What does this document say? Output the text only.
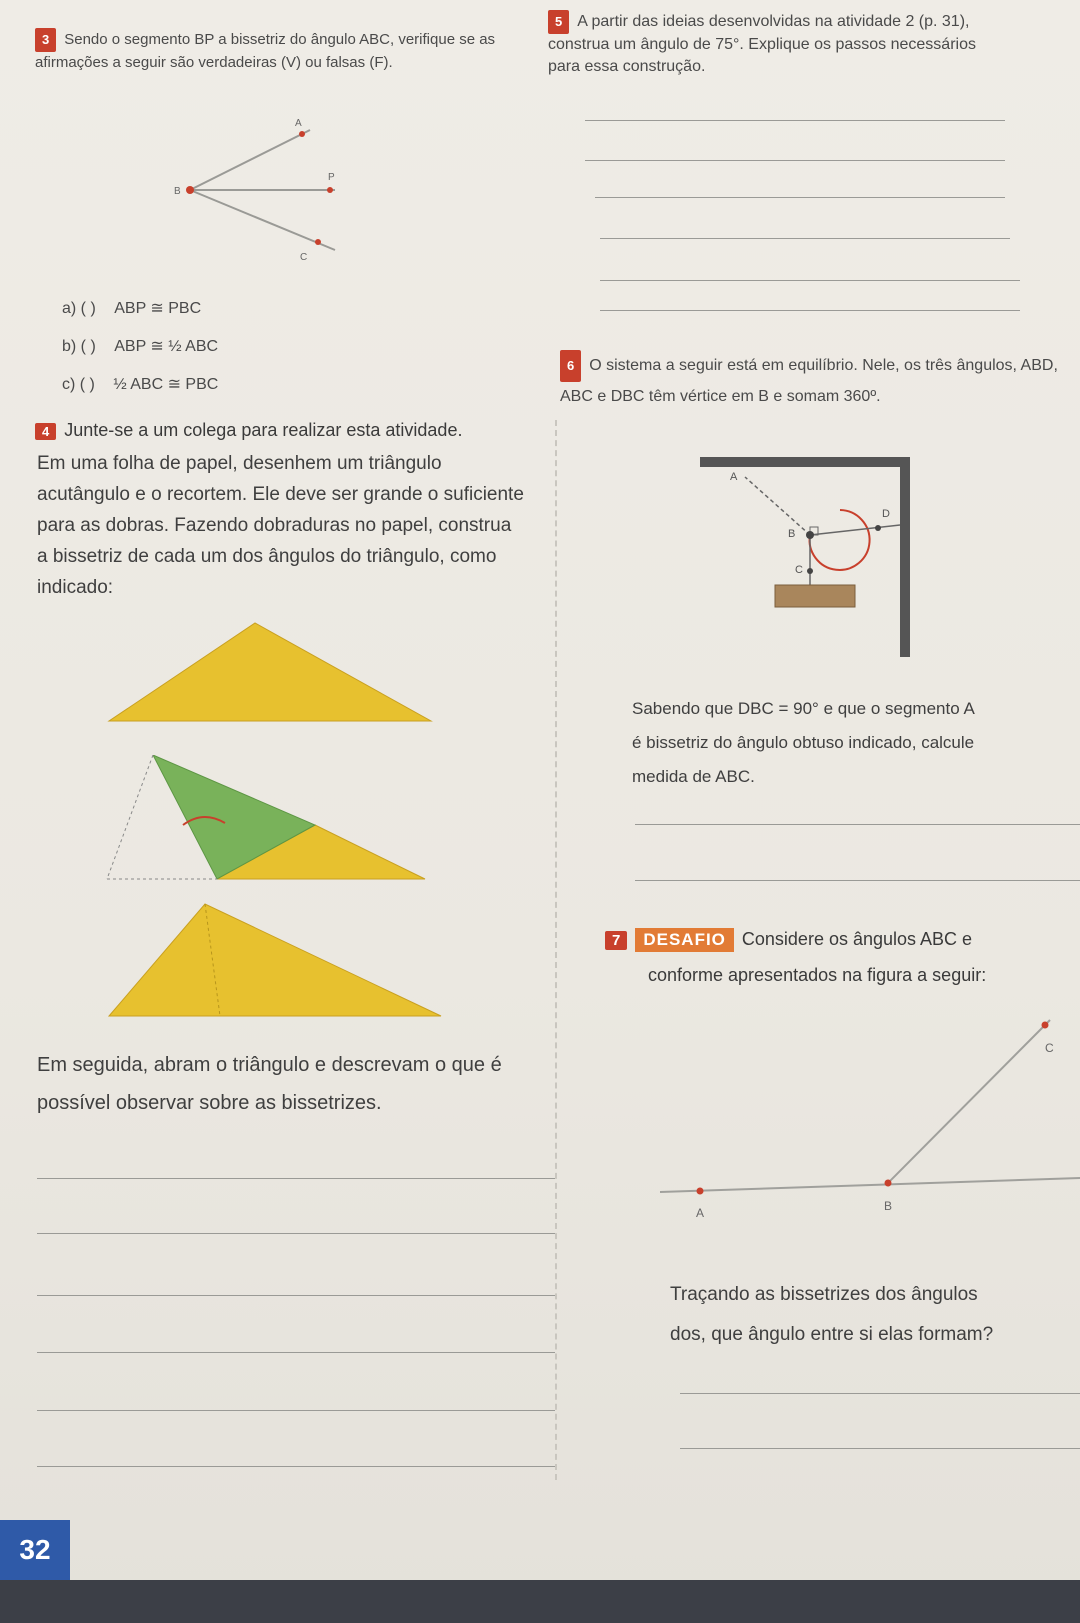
3 Sendo o segmento BP a bissetriz do ângulo ABC, verifique se as afirmações a seguir são verdadeiras (V) ou falsas (F).
A
B
P
C
a) ( ) ABP ≅ PBC
b) ( ) ABP ≅ ½ ABC
c) ( ) ½ ABC ≅ PBC
4 Junte-se a um colega para realizar esta atividade.
Em uma folha de papel, desenhem um triângulo acutângulo e o recortem. Ele deve ser grande o suficiente para as dobras. Fazendo dobraduras no papel, construa a bissetriz de cada um dos ângulos do triângulo, como indicado:
Em seguida, abram o triângulo e descrevam o que é possível observar sobre as bissetrizes.
5 A partir das ideias desenvolvidas na atividade 2 (p. 31), construa um ângulo de 75°. Explique os passos necessários para essa construção.
6 O sistema a seguir está em equilíbrio. Nele, os três ângulos, ABD, ABC e DBC têm vértice em B e somam 360º.
A
B
D
C
Sabendo que DBC = 90° e que o segmento A
é bissetriz do ângulo obtuso indicado, calcule
medida de ABC.
7 DESAFIO Considere os ângulos ABC e
conforme apresentados na figura a seguir:
A	B
C
Traçando as bissetrizes dos ângulos
dos, que ângulo entre si elas formam?
32
